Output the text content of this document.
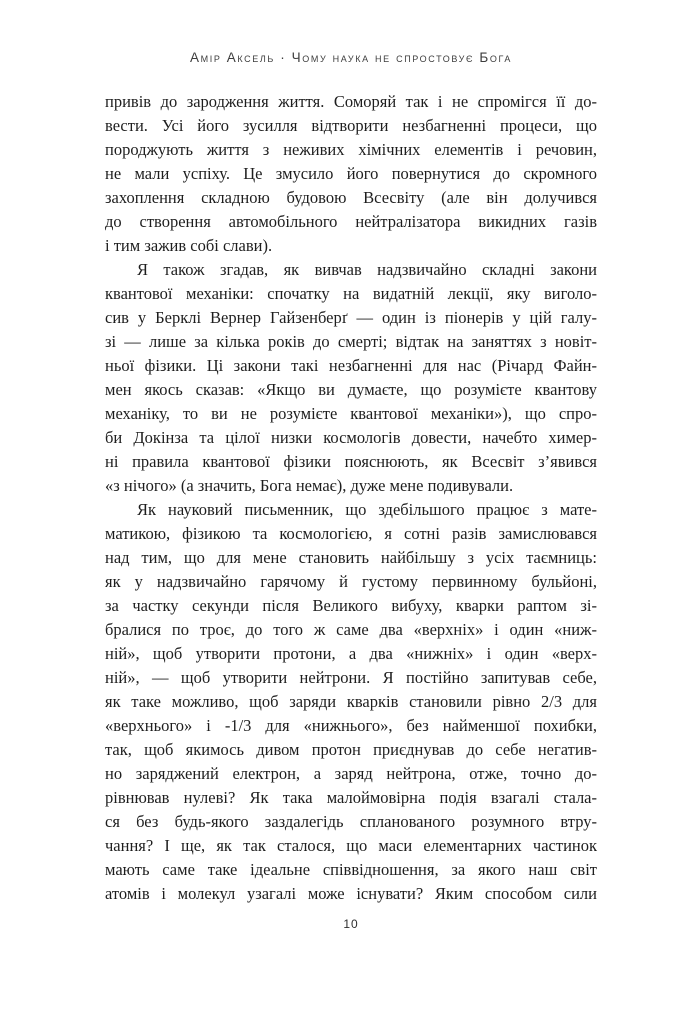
Амір Аксель · Чому наука не спростовує Бога
привів до зародження життя. Соморяй так і не спромігся її до-
вести. Усі його зусилля відтворити незбагненні процеси, що
породжують життя з неживих хімічних елементів і речовин,
не мали успіху. Це змусило його повернутися до скромного
захоплення складною будовою Всесвіту (але він долучився
до створення автомобільного нейтралізатора викидних газів
і тим зажив собі слави).
Я також згадав, як вивчав надзвичайно складні закони
квантової механіки: спочатку на видатній лекції, яку виголо-
сив у Берклі Вернер Гайзенберґ — один із піонерів у цій галу-
зі — лише за кілька років до смерті; відтак на заняттях з новіт-
ньої фізики. Ці закони такі незбагненні для нас (Річард Файн-
мен якось сказав: «Якщо ви думаєте, що розумієте квантову
механіку, то ви не розумієте квантової механіки»), що спро-
би Докінза та цілої низки космологів довести, начебто химер-
ні правила квантової фізики пояснюють, як Всесвіт з’явився
«з нічого» (а значить, Бога немає), дуже мене подивували.
Як науковий письменник, що здебільшого працює з мате-
матикою, фізикою та космологією, я сотні разів замислювався
над тим, що для мене становить найбільшу з усіх таємниць:
як у надзвичайно гарячому й густому первинному бульйоні,
за частку секунди після Великого вибуху, кварки раптом зі-
бралися по троє, до того ж саме два «верхніх» і один «ниж-
ній», щоб утворити протони, а два «нижніх» і один «верх-
ній», — щоб утворити нейтрони. Я постійно запитував себе,
як таке можливо, щоб заряди кварків становили рівно 2/3 для
«верхнього» і -1/3 для «нижнього», без найменшої похибки,
так, щоб якимось дивом протон приєднував до себе негатив-
но заряджений електрон, а заряд нейтрона, отже, точно до-
рівнював нулеві? Як така малоймовірна подія взагалі стала-
ся без будь-якого заздалегідь спланованого розумного втру-
чання? І ще, як так сталося, що маси елементарних частинок
мають саме таке ідеальне співвідношення, за якого наш світ
атомів і молекул узагалі може існувати? Яким способом сили
10
